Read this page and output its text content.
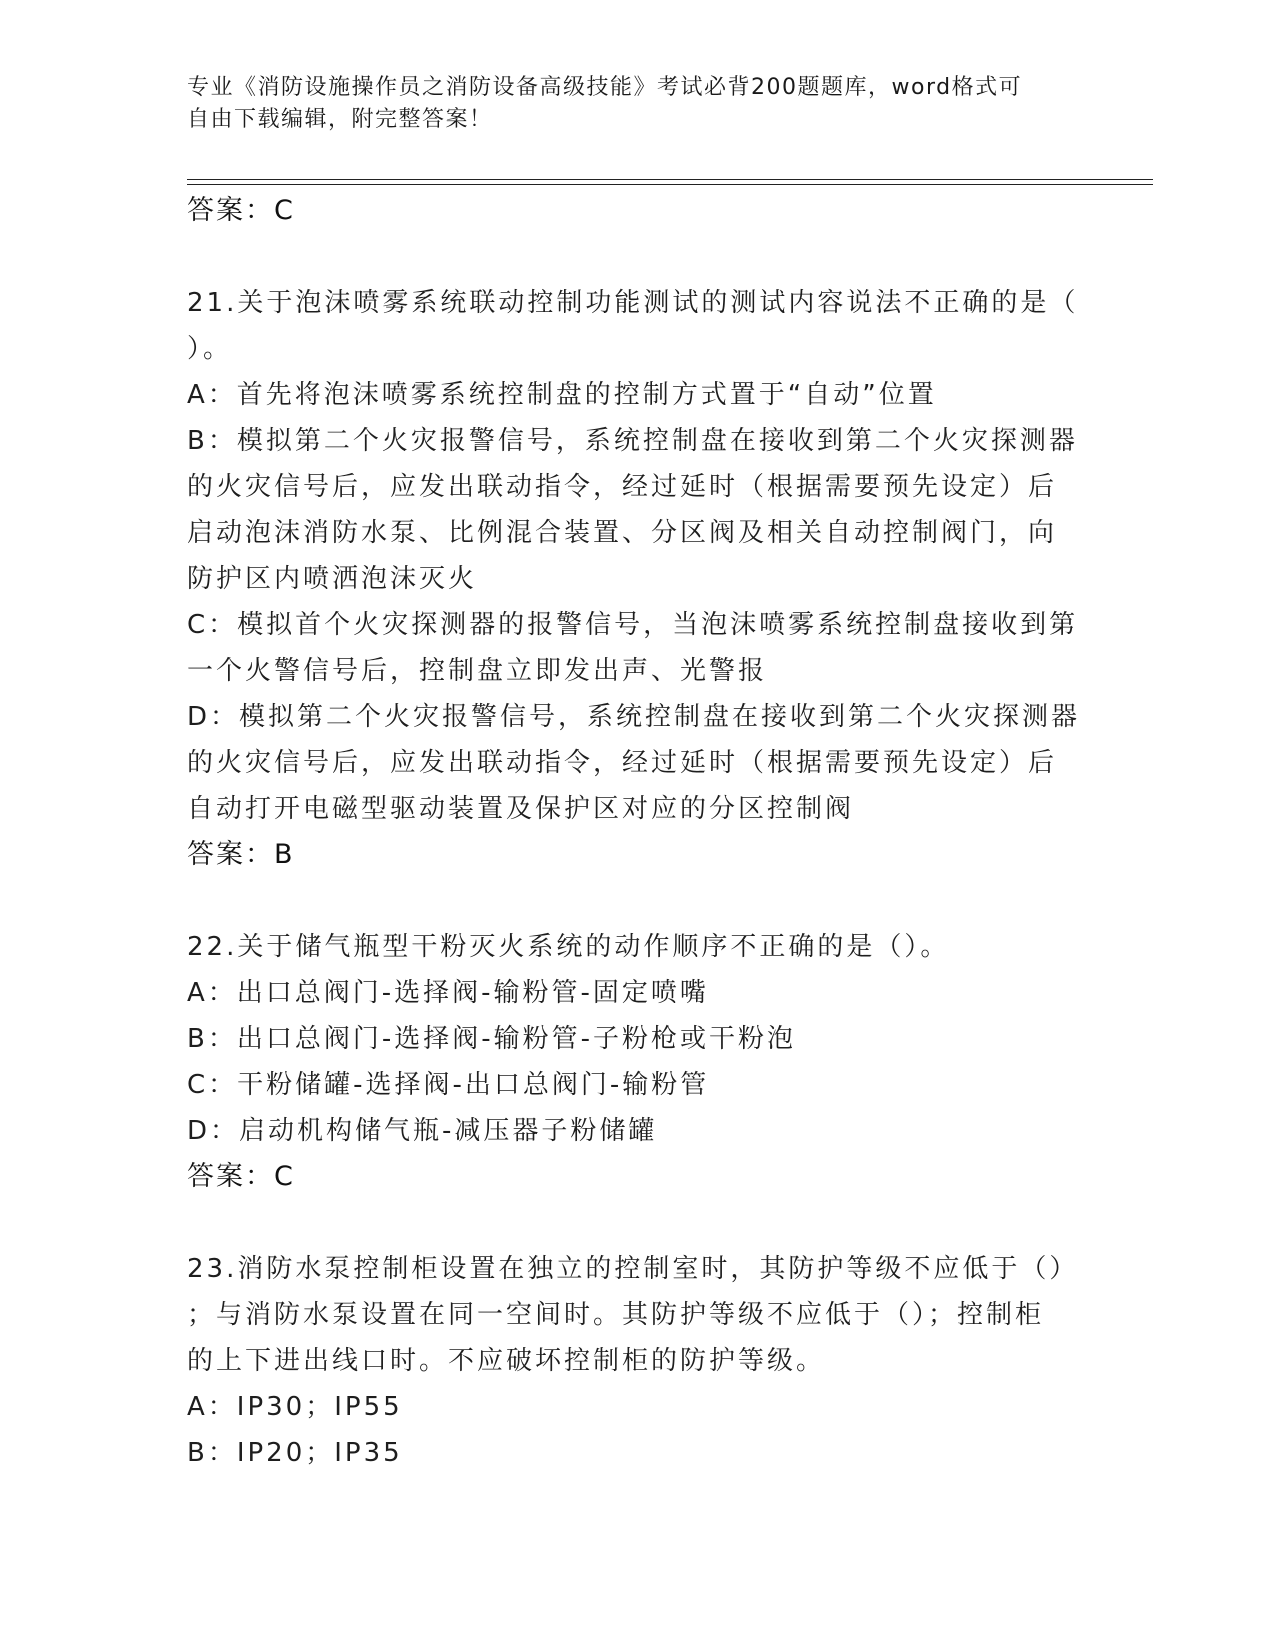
专业《消防设施操作员之消防设备高级技能》考试必背200题题库，word格式可
自由下载编辑，附完整答案！
答案：C
21.关于泡沫喷雾系统联动控制功能测试的测试内容说法不正确的是（
）。
A：首先将泡沫喷雾系统控制盘的控制方式置于“自动”位置
B：模拟第二个火灾报警信号，系统控制盘在接收到第二个火灾探测器
的火灾信号后，应发出联动指令，经过延时（根据需要预先设定）后
启动泡沫消防水泵、比例混合装置、分区阀及相关自动控制阀门，向
防护区内喷洒泡沫灭火
C：模拟首个火灾探测器的报警信号，当泡沫喷雾系统控制盘接收到第
一个火警信号后，控制盘立即发出声、光警报
D：模拟第二个火灾报警信号，系统控制盘在接收到第二个火灾探测器
的火灾信号后，应发出联动指令，经过延时（根据需要预先设定）后
自动打开电磁型驱动装置及保护区对应的分区控制阀
答案：B
22.关于储气瓶型干粉灭火系统的动作顺序不正确的是（）。
A：出口总阀门-选择阀-输粉管-固定喷嘴
B：出口总阀门-选择阀-输粉管-子粉枪或干粉泡
C：干粉储罐-选择阀-出口总阀门-输粉管
D：启动机构储气瓶-减压器子粉储罐
答案：C
23.消防水泵控制柜设置在独立的控制室时，其防护等级不应低于（）
；与消防水泵设置在同一空间时。其防护等级不应低于（）；控制柜
的上下进出线口时。不应破坏控制柜的防护等级。
A：IP30；IP55
B：IP20；IP35
